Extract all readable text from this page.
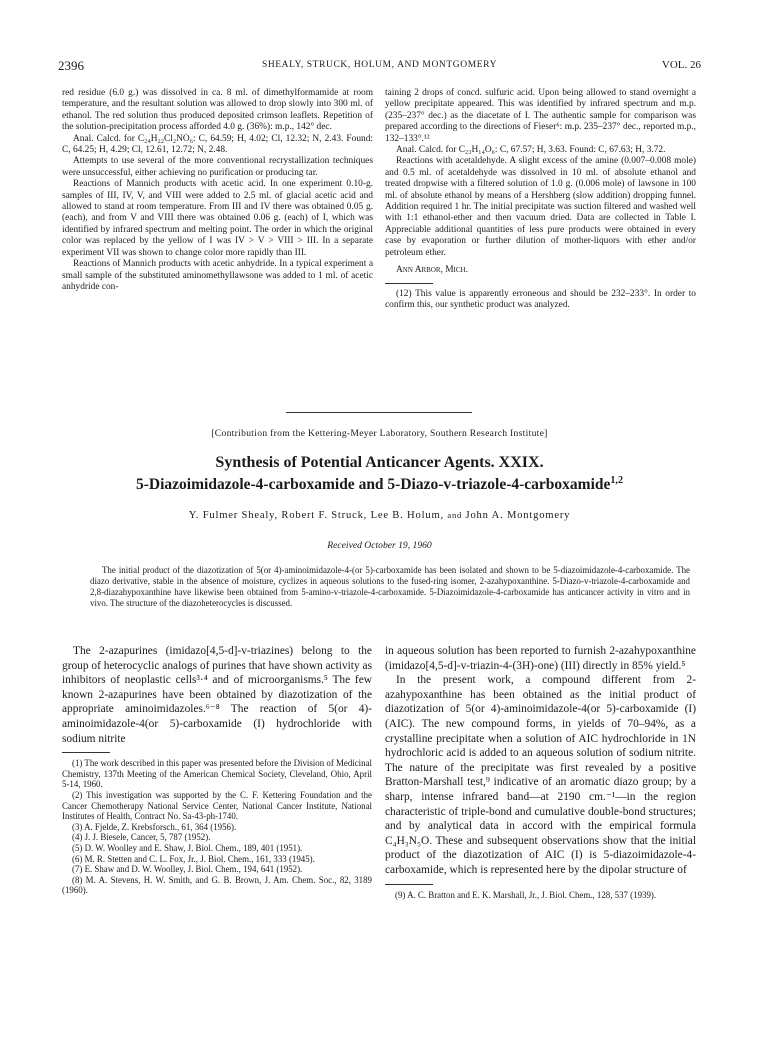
2396	SHEALY, STRUCK, HOLUM, AND MONTGOMERY	VOL. 26

red residue (6.0 g.) was dissolved in ca. 8 ml. of dimethylformamide at room temperature, and the resultant solution was allowed to drop slowly into 300 ml. of ethanol. The red solution thus produced deposited crimson leaflets. Repetition of the solution-precipitation process afforded 4.0 g. (36%): m.p., 142° dec.

Anal. Calcd. for C₂₄H₂₂Cl₂NO₆: C, 64.59; H, 4.02; Cl, 12.32; N, 2.43. Found: C, 64.25; H, 4.29; Cl, 12.61, 12.72; N, 2.48.

Attempts to use several of the more conventional recrystallization techniques were unsuccessful, either achieving no purification or producing tar.

Reactions of Mannich products with acetic acid. In one experiment 0.10-g. samples of III, IV, V, and VIII were added to 2.5 ml. of glacial acetic acid and allowed to stand at room temperature. From III and IV there was obtained 0.05 g. (each), and from V and VIII there was obtained 0.06 g. (each) of I, which was identified by infrared spectrum and melting point. The order in which the original color was replaced by the yellow of I was IV > V > VIII > III. In a separate experiment VII was shown to change color more rapidly than III.

Reactions of Mannich products with acetic anhydride. In a typical experiment a small sample of the substituted aminomethyllawsone was added to 1 ml. of acetic anhydride con-

taining 2 drops of concd. sulfuric acid. Upon being allowed to stand overnight a yellow precipitate appeared. This was identified by infrared spectrum and m.p. (235–237° dec.) as the diacetate of I. The authentic sample for comparison was prepared according to the directions of Fieser⁶: m.p. 235–237° dec., reported m.p., 132–133°.¹²

Anal. Calcd. for C₂₃H₁₄O₆: C, 67.57; H, 3.63. Found: C, 67.63; H, 3.72.

Reactions with acetaldehyde. A slight excess of the amine (0.007–0.008 mole) and 0.5 ml. of acetaldehyde was dissolved in 10 ml. of absolute ethanol and treated dropwise with a filtered solution of 1.0 g. (0.006 mole) of lawsone in 100 ml. of absolute ethanol by means of a Hershberg (slow addition) dropping funnel. Addition required 1 hr. The initial precipitate was suction filtered and washed well with 1:1 ethanol-ether and then vacuum dried. Data are collected in Table I. Appreciable additional quantities of less pure products were obtained in every case by evaporation or further dilution of mother-liquors with ether and/or petroleum ether.

Ann Arbor, Mich.

(12) This value is apparently erroneous and should be 232–233°. In order to confirm this, our synthetic product was analyzed.

[Contribution from the Kettering-Meyer Laboratory, Southern Research Institute]
Synthesis of Potential Anticancer Agents. XXIX.
5-Diazoimidazole-4-carboxamide and 5-Diazo-v-triazole-4-carboxamide$^{1,2}$
Y. Fulmer Shealy, Robert F. Struck, Lee B. Holum, and John A. Montgomery
Received October 19, 1960

The initial product of the diazotization of 5(or 4)-aminoimidazole-4-(or 5)-carboxamide has been isolated and shown to be 5-diazoimidazole-4-carboxamide. The diazo derivative, stable in the absence of moisture, cyclizes in aqueous solutions to the fused-ring isomer, 2-azahypoxanthine. 5-Diazo-v-triazole-4-carboxamide and 2,8-diazahypoxanthine have likewise been obtained from 5-amino-v-triazole-4-carboxamide. 5-Diazoimidazole-4-carboxamide has anticancer activity in vitro and in vivo. The structure of the diazoheterocycles is discussed.

The 2-azapurines (imidazo[4,5-d]-v-triazines) belong to the group of heterocyclic analogs of purines that have shown activity as inhibitors of neoplastic cells³·⁴ and of microorganisms.⁵ The few known 2-azapurines have been obtained by diazotization of the appropriate aminoimidazoles.⁶⁻⁸ The reaction of 5(or 4)-aminoimidazole-4(or 5)-carboxamide (I) hydrochloride with sodium nitrite

(1) The work described in this paper was presented before the Division of Medicinal Chemistry, 137th Meeting of the American Chemical Society, Cleveland, Ohio, April 5-14, 1960.

(2) This investigation was supported by the C. F. Kettering Foundation and the Cancer Chemotherapy National Service Center, National Cancer Institute, National Institutes of Health, Contract No. Sa-43-ph-1740.

(3) A. Fjelde, Z. Krebsforsch., 61, 364 (1956).

(4) J. J. Biesele, Cancer, 5, 787 (1952).

(5) D. W. Woolley and E. Shaw, J. Biol. Chem., 189, 401 (1951).

(6) M. R. Stetten and C. L. Fox, Jr., J. Biol. Chem., 161, 333 (1945).

(7) E. Shaw and D. W. Woolley, J. Biol. Chem., 194, 641 (1952).

(8) M. A. Stevens, H. W. Smith, and G. B. Brown, J. Am. Chem. Soc., 82, 3189 (1960).

in aqueous solution has been reported to furnish 2-azahypoxanthine (imidazo[4,5-d]-v-triazin-4-(3H)-one) (III) directly in 85% yield.⁵

In the present work, a compound different from 2-azahypoxanthine has been obtained as the initial product of diazotization of 5(or 4)-aminoimidazole-4(or 5)-carboxamide (I) (AIC). The new compound forms, in yields of 70–94%, as a crystalline precipitate when a solution of AIC hydrochloride in 1N hydrochloric acid is added to an aqueous solution of sodium nitrite. The nature of the precipitate was first revealed by a positive Bratton-Marshall test,⁹ indicative of an aromatic diazo group; by a sharp, intense infrared band—at 2190 cm.⁻¹—in the region characteristic of triple-bond and cumulative double-bond structures; and by analytical data in accord with the empirical formula C₄H₃N₅O. These and subsequent observations show that the initial product of the diazotization of AIC (I) is 5-diazoimidazole-4-carboxamide, which is represented here by the dipolar structure of

(9) A. C. Bratton and E. K. Marshall, Jr., J. Biol. Chem., 128, 537 (1939).
